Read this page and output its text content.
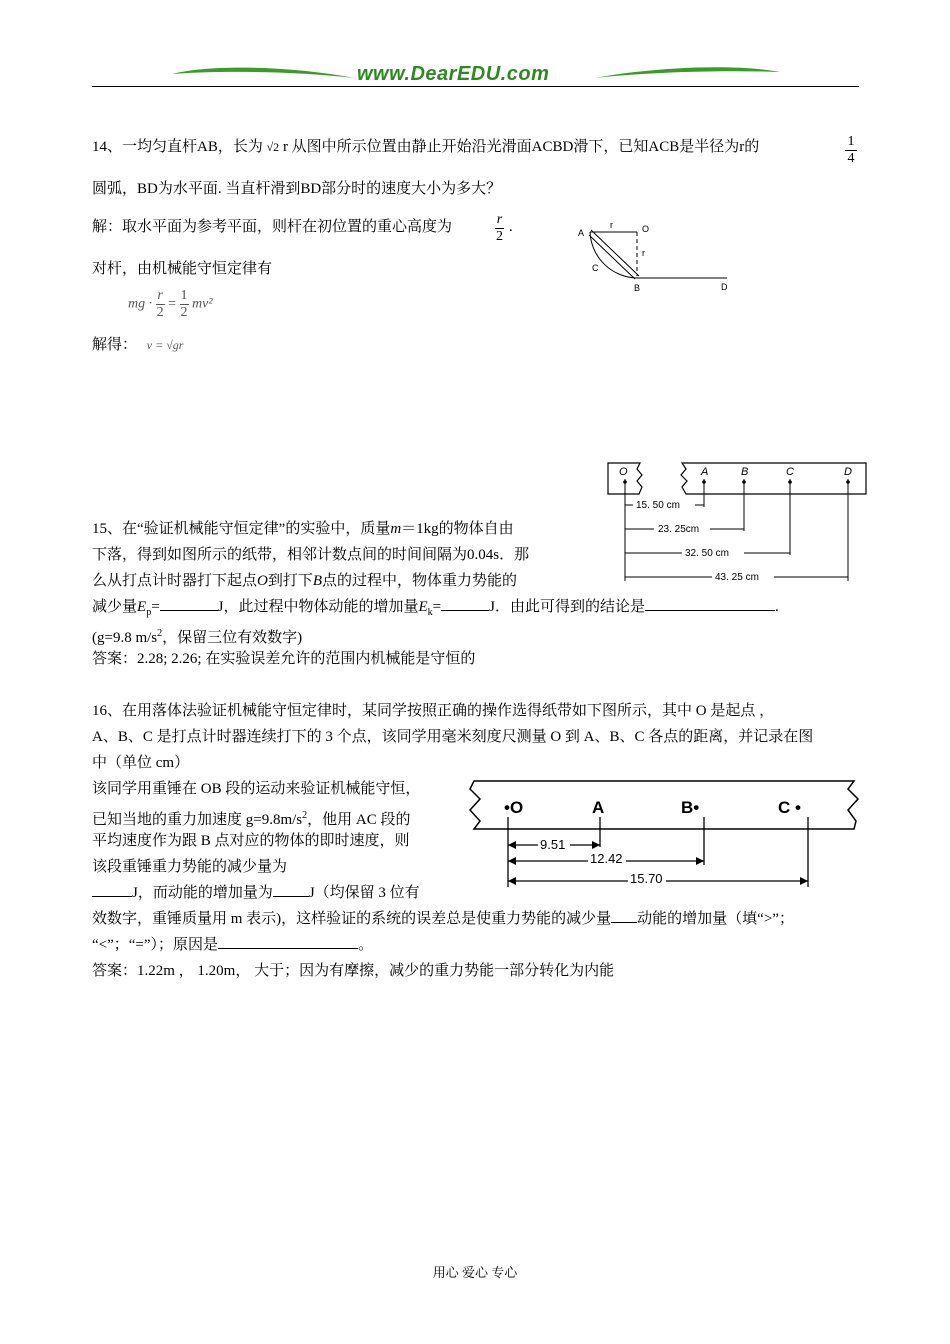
www.DearEDU.com
14、一均匀直杆AB，长为 √2 r 从图中所示位置由静止开始沿光滑面ACBD滑下，已知ACB是半径为r的	$\frac{1}{4}$
圆弧，BD为水平面. 当直杆滑到BD部分时的速度大小为多大？
解：取水平面为参考平面，则杆在初位置的重心高度为	$\frac{r}{2}$ .
对杆，由机械能守恒定律有
mg · $\frac{r}{2} = \frac{1}{2} mv^2$
解得： v = √gr
A
r	O
r
C
B	D
O	A	B	C	D
15. 50 cm
23. 25cm
32. 50 cm
43. 25 cm
15、在“验证机械能守恒定律”的实验中，质量m＝1kg的物体自由
下落，得到如图所示的纸带，相邻计数点间的时间间隔为0.04s．那
么从打点计时器打下起点O到打下B点的过程中，物体重力势能的
减少量$E_p=$	J，此过程中物体动能的增加量$E_k=$	J．由此可得到的结论是	.
(g=9.8 $m/s^2$，保留三位有效数字)
答案：2.28; 2.26; 在实验误差允许的范围内机械能是守恒的
16、在用落体法验证机械能守恒定律时，某同学按照正确的操作选得纸带如下图所示，其中 O 是起点 ，
A、B、C 是打点计时器连续打下的 3 个点，该同学用毫米刻度尺测量 O 到 A、B、C 各点的距离，并记录在图
中（单位 cm）
该同学用重锤在 OB 段的运动来验证机械能守恒，
已知当地的重力加速度 $g=9.8m/s^2$，他用 AC 段的
平均速度作为跟 B 点对应的物体的即时速度，则
该段重锤重力势能的减少量为
J，而动能的增加量为 J（均保留 3 位有
效数字，重锤质量用 m 表示)，这样验证的系统的误差总是使重力势能的减少量 动能的增加量（填“>”；
“<”；“=”）；原因是	。
答案：1.22m ， 1.20m， 大于；因为有摩擦，减少的重力势能一部分转化为内能
•O	A	B•	C •
9.51
12.42
15.70
用心 爱心 专心
